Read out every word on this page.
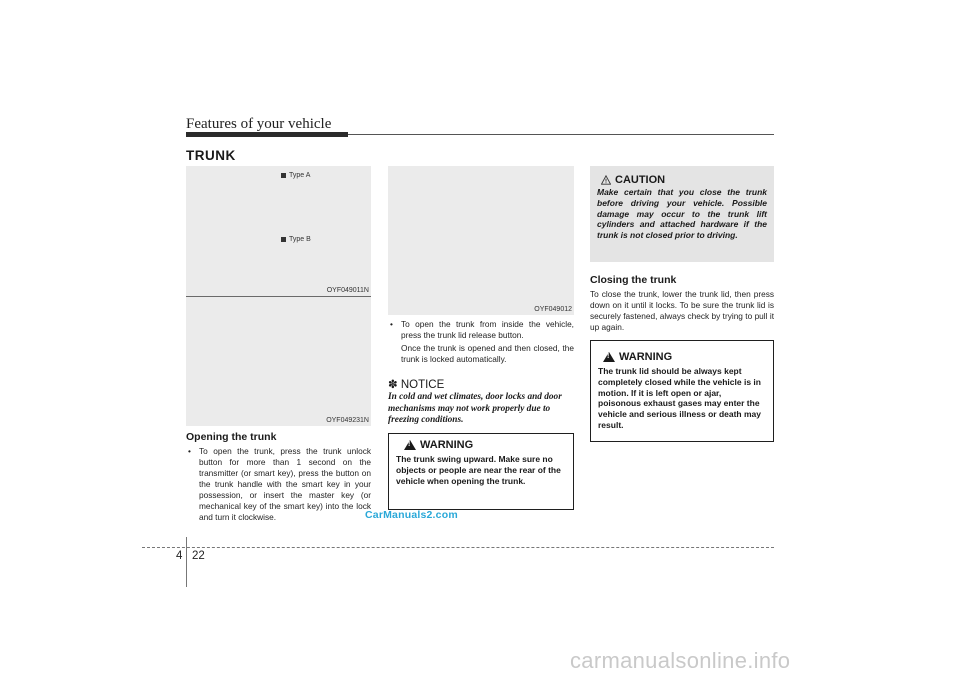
Features of your vehicle
TRUNK
Type A
Type B
OYF049011N
OYF049231N
OYF049012
Opening the trunk
• To open the trunk, press the trunk unlock button for more than 1 second on the transmitter (or smart key), press the button on the trunk handle with the smart key in your possession, or insert the master key (or mechanical key of the smart key) into the lock and turn it clockwise.
• To open the trunk from inside the vehicle, press the trunk lid release button.
Once the trunk is opened and then closed, the trunk is locked automatically.
✽ NOTICE
In cold and wet climates, door locks and door mechanisms may not work properly due to freezing conditions.
!
WARNING
The trunk swing upward. Make sure no objects or people are near the rear of the vehicle when opening the trunk.
CAUTION
Make certain that you close the trunk before driving your vehicle. Possible damage may occur to the trunk lift cylinders and attached hardware if the trunk is not closed prior to driving.
Closing the trunk
To close the trunk, lower the trunk lid, then press down on it until it locks. To be sure the trunk lid is securely fastened, always check by trying to pull it up again.
!
WARNING
The trunk lid should be always kept completely closed while the vehicle is in motion. If it is left open or ajar, poisonous exhaust gases may enter the vehicle and serious illness or death may result.
CarManuals2.com
4 22
carmanualsonline.info
